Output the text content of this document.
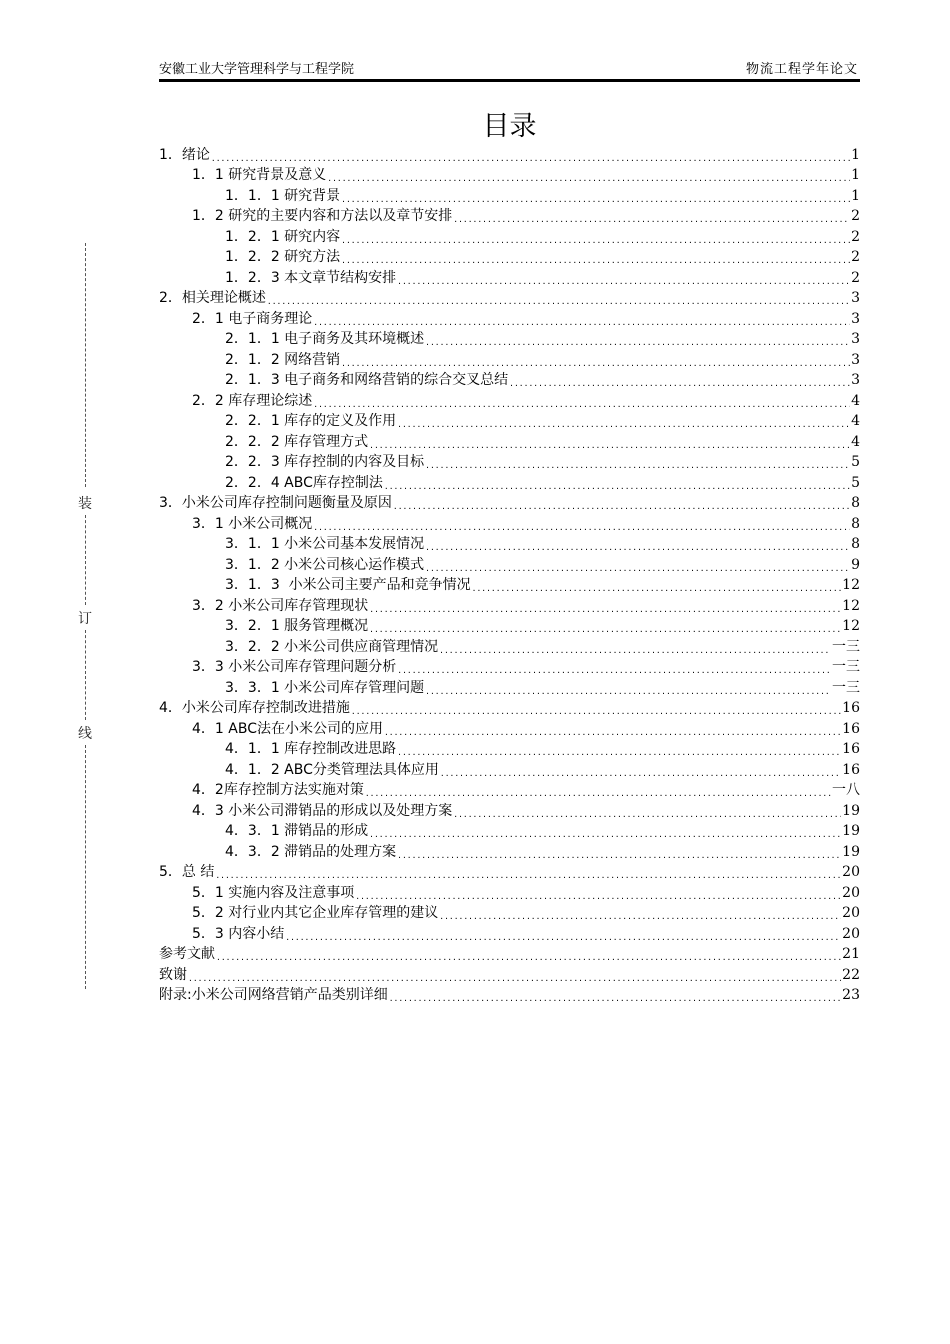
安徽工业大学管理科学与工程学院	物流工程学年论文
装
订
线
目录
1．绪论 .....	1
1．1 研究背景及意义 .....	1
1．1．1 研究背景 .....	1
1．2 研究的主要内容和方法以及章节安排 .....	2
1．2．1 研究内容 .....	2
1．2．2 研究方法 .....	2
1．2．3 本文章节结构安排 .....	2
2．相关理论概述 .....	3
2．1 电子商务理论 .....	3
2．1．1 电子商务及其环境概述 .....	3
2．1．2 网络营销 .....	3
2．1．3 电子商务和网络营销的综合交叉总结 .....	3
2．2 库存理论综述 .....	4
2．2．1 库存的定义及作用 .....	4
2．2．2 库存管理方式 .....	4
2．2．3 库存控制的内容及目标 .....	5
2．2．4 ABC库存控制法 .....	5
3．小米公司库存控制问题衡量及原因 .....	8
3．1 小米公司概况 .....	8
3．1．1 小米公司基本发展情况 .....	8
3．1．2 小米公司核心运作模式 .....	9
3．1．3  小米公司主要产品和竞争情况 .....	12
3．2 小米公司库存管理现状 .....	12
3．2．1 服务管理概况 .....	12
3．2．2 小米公司供应商管理情况 .....	一三
3．3 小米公司库存管理问题分析 .....	一三
3．3．1 小米公司库存管理问题 .....	一三
4．小米公司库存控制改进措施 .....	16
4．1 ABC法在小米公司的应用 .....	16
4．1．1 库存控制改进思路 .....	16
4．1．2 ABC分类管理法具体应用 .....	16
4．2库存控制方法实施对策 .....	一八
4．3 小米公司滞销品的形成以及处理方案 .....	19
4．3．1 滞销品的形成 .....	19
4．3．2 滞销品的处理方案 .....	19
5．总 结 .....	20
5．1 实施内容及注意事项 .....	20
5．2 对行业内其它企业库存管理的建议 .....	20
5．3 内容小结 .....	20
参考文献 .....	21
致谢 .....	22
附录:小米公司网络营销产品类别详细 .....	23
